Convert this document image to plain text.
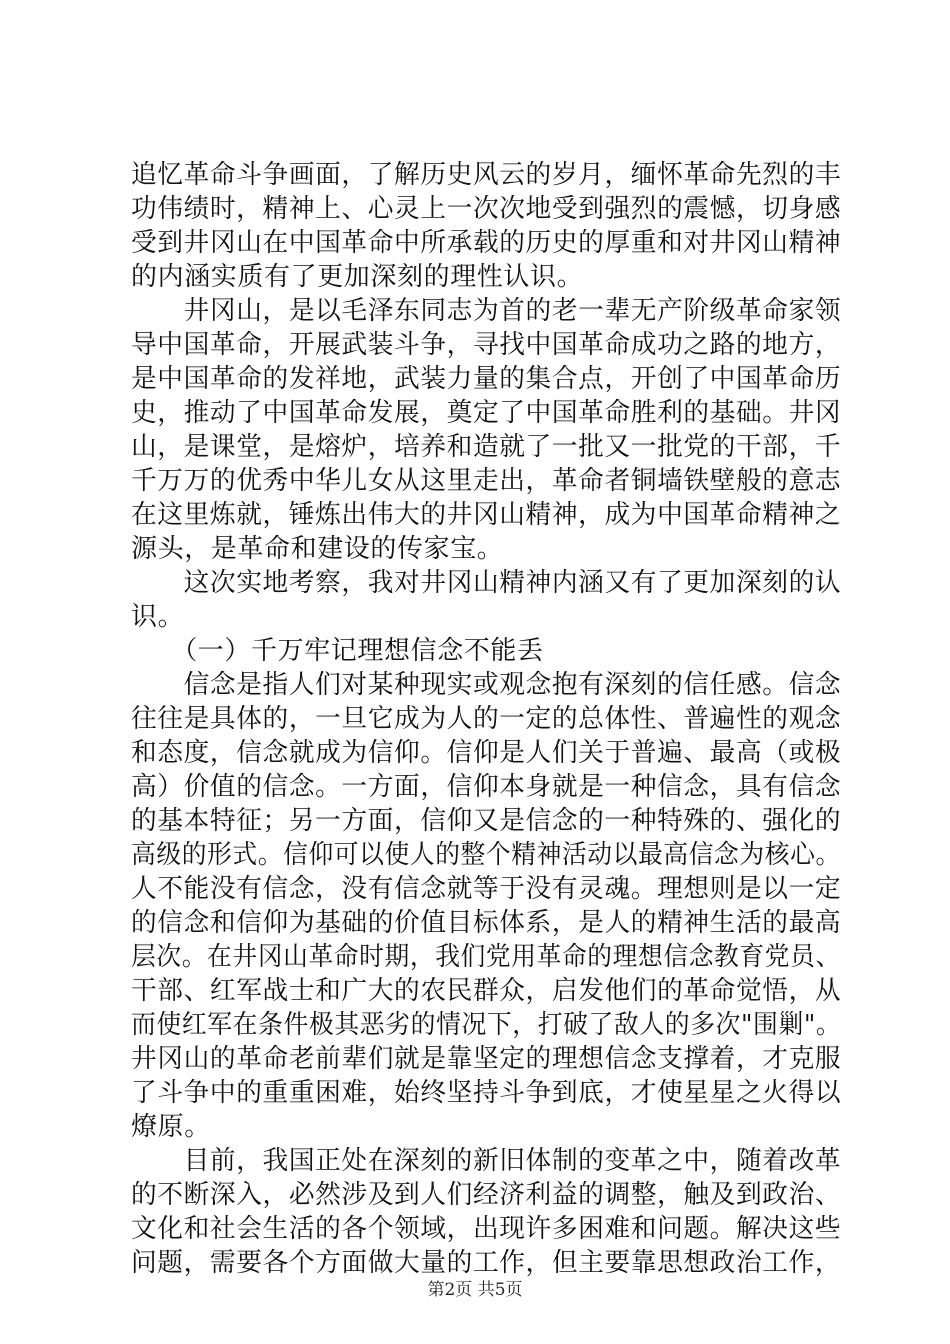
追忆革命斗争画面，了解历史风云的岁月，缅怀革命先烈的丰
功伟绩时，精神上、心灵上一次次地受到强烈的震憾，切身感
受到井冈山在中国革命中所承载的历史的厚重和对井冈山精神
的内涵实质有了更加深刻的理性认识。
　　井冈山，是以毛泽东同志为首的老一辈无产阶级革命家领
导中国革命，开展武装斗争，寻找中国革命成功之路的地方，
是中国革命的发祥地，武装力量的集合点，开创了中国革命历
史，推动了中国革命发展，奠定了中国革命胜利的基础。井冈
山，是课堂，是熔炉，培养和造就了一批又一批党的干部，千
千万万的优秀中华儿女从这里走出，革命者铜墙铁壁般的意志
在这里炼就，锤炼出伟大的井冈山精神，成为中国革命精神之
源头，是革命和建设的传家宝。
　　这次实地考察，我对井冈山精神内涵又有了更加深刻的认
识。
　　（一）千万牢记理想信念不能丢
　　信念是指人们对某种现实或观念抱有深刻的信任感。信念
往往是具体的，一旦它成为人的一定的总体性、普遍性的观念
和态度，信念就成为信仰。信仰是人们关于普遍、最高（或极
高）价值的信念。一方面，信仰本身就是一种信念，具有信念
的基本特征；另一方面，信仰又是信念的一种特殊的、强化的
高级的形式。信仰可以使人的整个精神活动以最高信念为核心。
人不能没有信念，没有信念就等于没有灵魂。理想则是以一定
的信念和信仰为基础的价值目标体系，是人的精神生活的最高
层次。在井冈山革命时期，我们党用革命的理想信念教育党员、
干部、红军战士和广大的农民群众，启发他们的革命觉悟，从
而使红军在条件极其恶劣的情况下，打破了敌人的多次"围剿"。
井冈山的革命老前辈们就是靠坚定的理想信念支撑着，才克服
了斗争中的重重困难，始终坚持斗争到底，才使星星之火得以
燎原。
　　目前，我国正处在深刻的新旧体制的变革之中，随着改革
的不断深入，必然涉及到人们经济利益的调整，触及到政治、
文化和社会生活的各个领域，出现许多困难和问题。解决这些
问题，需要各个方面做大量的工作，但主要靠思想政治工作，
第2页 共5页
